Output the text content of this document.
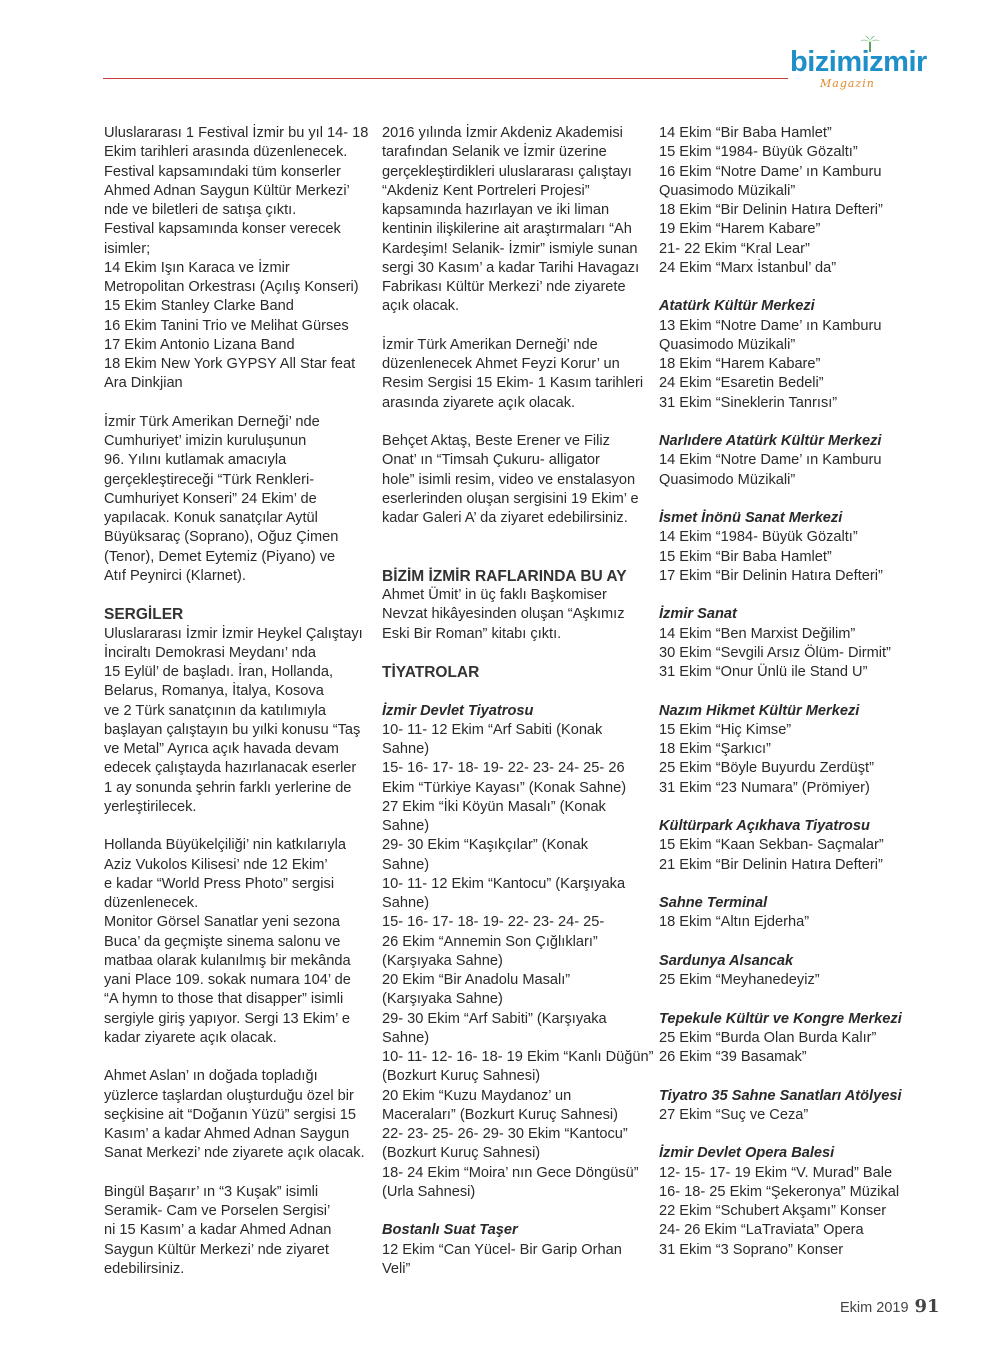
bizimizmir
Magazin
Uluslararası 1 Festival İzmir bu yıl 14- 18
Ekim tarihleri arasında düzenlenecek.
Festival kapsamındaki tüm konserler
Ahmed Adnan Saygun Kültür Merkezi’
nde ve biletleri de satışa çıktı.
Festival kapsamında konser verecek
isimler;
14 Ekim Işın Karaca ve İzmir
Metropolitan Orkestrası (Açılış Konseri)
15 Ekim Stanley Clarke Band
16 Ekim Tanini Trio ve Melihat Gürses
17 Ekim Antonio Lizana Band
18 Ekim New York GYPSY All Star feat
Ara Dinkjian
İzmir Türk Amerikan Derneği’ nde
Cumhuriyet’ imizin kuruluşunun
96. Yılını kutlamak amacıyla
gerçekleştireceği “Türk Renkleri-
Cumhuriyet Konseri” 24 Ekim’ de
yapılacak. Konuk sanatçılar Aytül
Büyüksaraç (Soprano), Oğuz Çimen
(Tenor), Demet Eytemiz (Piyano) ve
Atıf Peynirci (Klarnet).
SERGİLER
Uluslararası İzmir İzmir Heykel Çalıştayı
İnciraltı Demokrasi Meydanı’ nda
15 Eylül’ de başladı. İran, Hollanda,
Belarus, Romanya, İtalya, Kosova
ve 2 Türk sanatçının da katılımıyla
başlayan çalıştayın bu yılki konusu “Taş
ve Metal” Ayrıca açık havada devam
edecek çalıştayda hazırlanacak eserler
1 ay sonunda şehrin farklı yerlerine de
yerleştirilecek.
Hollanda Büyükelçiliği’ nin katkılarıyla
Aziz Vukolos Kilisesi’ nde 12 Ekim’
e kadar “World Press Photo” sergisi
düzenlenecek.
Monitor Görsel Sanatlar yeni sezona
Buca’ da geçmişte sinema salonu ve
matbaa olarak kulanılmış bir mekânda
yani Place 109. sokak numara 104’ de
“A hymn to those that disapper” isimli
sergiyle giriş yapıyor. Sergi 13 Ekim’ e
kadar ziyarete açık olacak.
Ahmet Aslan’ ın doğada topladığı
yüzlerce taşlardan oluşturduğu özel bir
seçkisine ait “Doğanın Yüzü” sergisi 15
Kasım’ a kadar Ahmed Adnan Saygun
Sanat Merkezi’ nde ziyarete açık olacak.
Bingül Başarır’ ın “3 Kuşak” isimli
Seramik- Cam ve Porselen Sergisi’
ni 15 Kasım’ a kadar Ahmed Adnan
Saygun Kültür Merkezi’ nde ziyaret
edebilirsiniz.
2016 yılında İzmir Akdeniz Akademisi
tarafından Selanik ve İzmir üzerine
gerçekleştirdikleri uluslararası çalıştayı
“Akdeniz Kent Portreleri Projesi”
kapsamında hazırlayan ve iki liman
kentinin ilişkilerine ait araştırmaları “Ah
Kardeşim! Selanik- İzmir” ismiyle sunan
sergi 30 Kasım’ a kadar Tarihi Havagazı
Fabrikası Kültür Merkezi’ nde ziyarete
açık olacak.
İzmir Türk Amerikan Derneği’ nde
düzenlenecek Ahmet Feyzi Korur’ un
Resim Sergisi 15 Ekim- 1 Kasım tarihleri
arasında ziyarete açık olacak.
Behçet Aktaş, Beste Erener ve Filiz
Onat’ ın “Timsah Çukuru- alligator
hole” isimli resim, video ve enstalasyon
eserlerinden oluşan sergisini 19 Ekim’ e
kadar Galeri A’ da ziyaret edebilirsiniz.
BİZİM İZMİR RAFLARINDA BU AY
Ahmet Ümit’ in üç faklı Başkomiser
Nevzat hikâyesinden oluşan “Aşkımız
Eski Bir Roman” kitabı çıktı.
TİYATROLAR
İzmir Devlet Tiyatrosu
10- 11- 12 Ekim “Arf Sabiti (Konak
Sahne)
15- 16- 17- 18- 19- 22- 23- 24- 25- 26
Ekim “Türkiye Kayası” (Konak Sahne)
27 Ekim “İki Köyün Masalı” (Konak
Sahne)
29- 30 Ekim “Kaşıkçılar” (Konak
Sahne)
10- 11- 12 Ekim “Kantocu” (Karşıyaka
Sahne)
15- 16- 17- 18- 19- 22- 23- 24- 25-
26 Ekim “Annemin Son Çığlıkları”
(Karşıyaka Sahne)
20 Ekim “Bir Anadolu Masalı”
(Karşıyaka Sahne)
29- 30 Ekim “Arf Sabiti” (Karşıyaka
Sahne)
10- 11- 12- 16- 18- 19 Ekim “Kanlı Düğün”
(Bozkurt Kuruç Sahnesi)
20 Ekim “Kuzu Maydanoz’ un
Maceraları” (Bozkurt Kuruç Sahnesi)
22- 23- 25- 26- 29- 30 Ekim “Kantocu”
(Bozkurt Kuruç Sahnesi)
18- 24 Ekim “Moira’ nın Gece Döngüsü”
(Urla Sahnesi)
Bostanlı Suat Taşer
12 Ekim “Can Yücel- Bir Garip Orhan
Veli”
14 Ekim “Bir Baba Hamlet”
15 Ekim “1984- Büyük Gözaltı”
16 Ekim “Notre Dame’ ın Kamburu
Quasimodo Müzikali”
18 Ekim “Bir Delinin Hatıra Defteri”
19 Ekim “Harem Kabare”
21- 22 Ekim “Kral Lear”
24 Ekim “Marx İstanbul’ da”
Atatürk Kültür Merkezi
13 Ekim “Notre Dame’ ın Kamburu
Quasimodo Müzikali”
18 Ekim “Harem Kabare”
24 Ekim “Esaretin Bedeli”
31 Ekim “Sineklerin Tanrısı”
Narlıdere Atatürk Kültür Merkezi
14 Ekim “Notre Dame’ ın Kamburu
Quasimodo Müzikali”
İsmet İnönü Sanat Merkezi
14 Ekim “1984- Büyük Gözaltı”
15 Ekim “Bir Baba Hamlet”
17 Ekim “Bir Delinin Hatıra Defteri”
İzmir Sanat
14 Ekim “Ben Marxist Değilim”
30 Ekim “Sevgili Arsız Ölüm- Dirmit”
31 Ekim “Onur Ünlü ile Stand U”
Nazım Hikmet Kültür Merkezi
15 Ekim “Hiç Kimse”
18 Ekim “Şarkıcı”
25 Ekim “Böyle Buyurdu Zerdüşt”
31 Ekim “23 Numara” (Prömiyer)
Kültürpark Açıkhava Tiyatrosu
15 Ekim “Kaan Sekban- Saçmalar”
21 Ekim “Bir Delinin Hatıra Defteri”
Sahne Terminal
18 Ekim “Altın Ejderha”
Sardunya Alsancak
25 Ekim “Meyhanedeyiz”
Tepekule Kültür ve Kongre Merkezi
25 Ekim “Burda Olan Burda Kalır”
26 Ekim “39 Basamak”
Tiyatro 35 Sahne Sanatları Atölyesi
27 Ekim “Suç ve Ceza”
İzmir Devlet Opera Balesi
12- 15- 17- 19 Ekim “V. Murad” Bale
16- 18- 25 Ekim “Şekeronya” Müzikal
22 Ekim “Schubert Akşamı” Konser
24- 26 Ekim “LaTraviata” Opera
31 Ekim “3 Soprano” Konser
Ekim 2019 91
